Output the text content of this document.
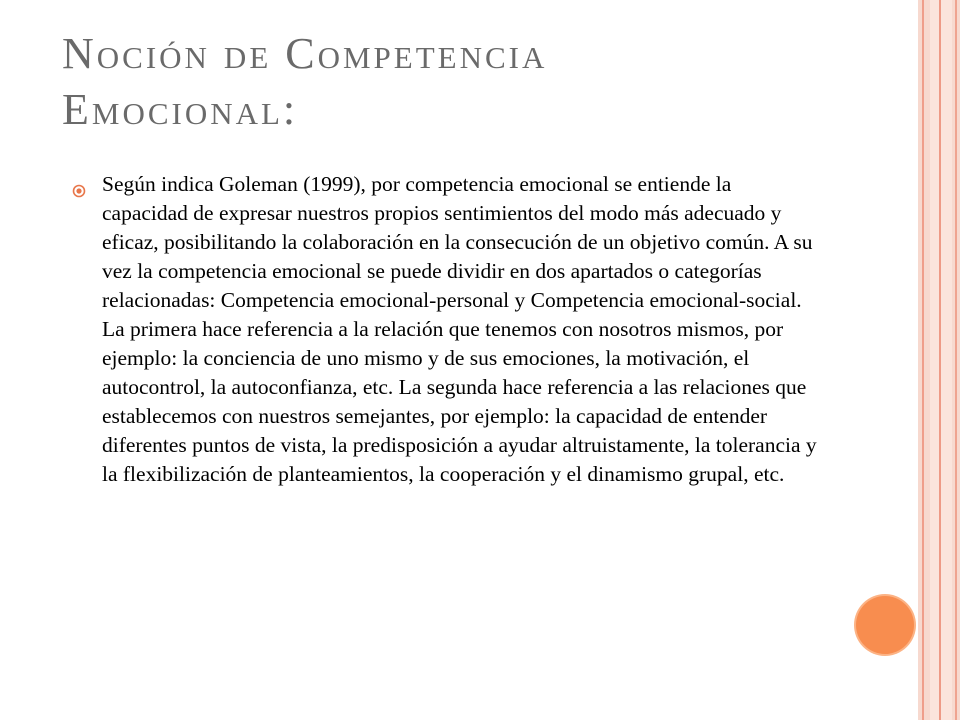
Noción de Competencia
Emocional:

Según indica Goleman (1999), por competencia emocional se entiende la capacidad de expresar nuestros propios sentimientos del modo más adecuado y eficaz, posibilitando la colaboración en la consecución de un objetivo común. A su vez la competencia emocional se puede dividir en dos apartados o categorías relacionadas: Competencia emocional-personal y Competencia emocional-social. La primera hace referencia a la relación que tenemos con nosotros mismos, por ejemplo: la conciencia de uno mismo y de sus emociones, la motivación, el autocontrol, la autoconfianza, etc. La segunda hace referencia a las relaciones que establecemos con nuestros semejantes, por ejemplo: la capacidad de entender diferentes puntos de vista, la predisposición a ayudar altruistamente, la tolerancia y la flexibilización de planteamientos, la cooperación y el dinamismo grupal, etc.
